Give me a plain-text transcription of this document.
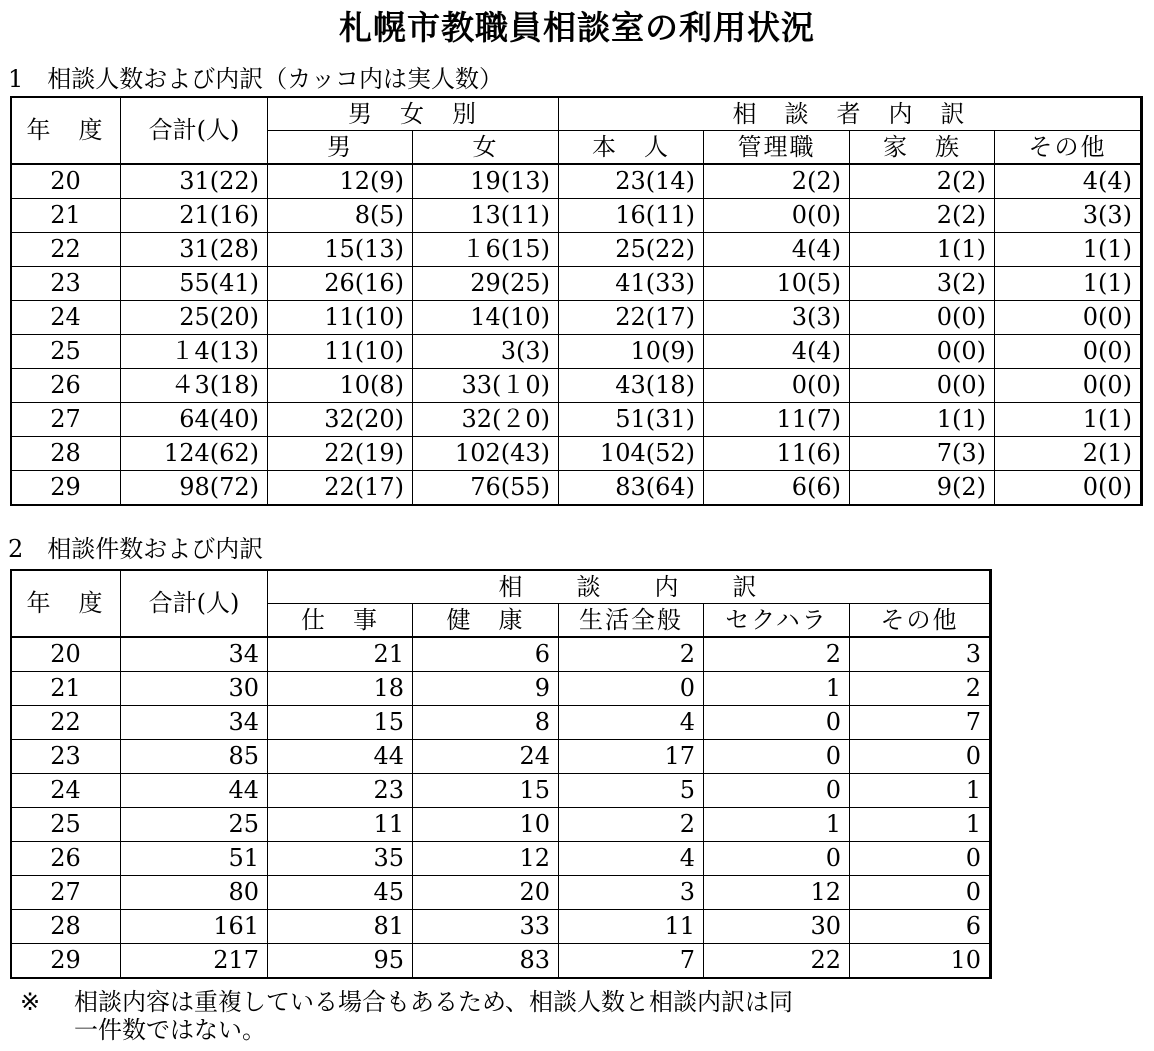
札幌市教職員相談室の利用状況
1　相談人数および内訳（カッコ内は実人数）
年　度	合計(人)	男　女　別		相　談　者　内　訳			
		男	女	本　人	管理職	家　族	その他
20	31(22)	12(9)	19(13)	23(14)	2(2)	2(2)	4(4)
21	21(16)	8(5)	13(11)	16(11)	0(0)	2(2)	3(3)
22	31(28)	15(13)	１6(15)	25(22)	4(4)	1(1)	1(1)
23	55(41)	26(16)	29(25)	41(33)	10(5)	3(2)	1(1)
24	25(20)	11(10)	14(10)	22(17)	3(3)	0(0)	0(0)
25	１4(13)	11(10)	3(3)	10(9)	4(4)	0(0)	0(0)
26	４3(18)	10(8)	33(１0)	43(18)	0(0)	0(0)	0(0)
27	64(40)	32(20)	32(２0)	51(31)	11(7)	1(1)	1(1)
28	124(62)	22(19)	102(43)	104(52)	11(6)	7(3)	2(1)
29	98(72)	22(17)	76(55)	83(64)	6(6)	9(2)	0(0)
2　相談件数および内訳
年　度	合計(人)	相　　談　　内　　訳				
		仕　事	健　康	生活全般	セクハラ	その他
20	34	21	6	2	2	3
21	30	18	9	0	1	2
22	34	15	8	4	0	7
23	85	44	24	17	0	0
24	44	23	15	5	0	1
25	25	11	10	2	1	1
26	51	35	12	4	0	0
27	80	45	20	3	12	0
28	161	81	33	11	30	6
29	217	95	83	7	22	10
※ 相談内容は重複している場合もあるため、相談人数と相談内訳は同
一件数ではない。
